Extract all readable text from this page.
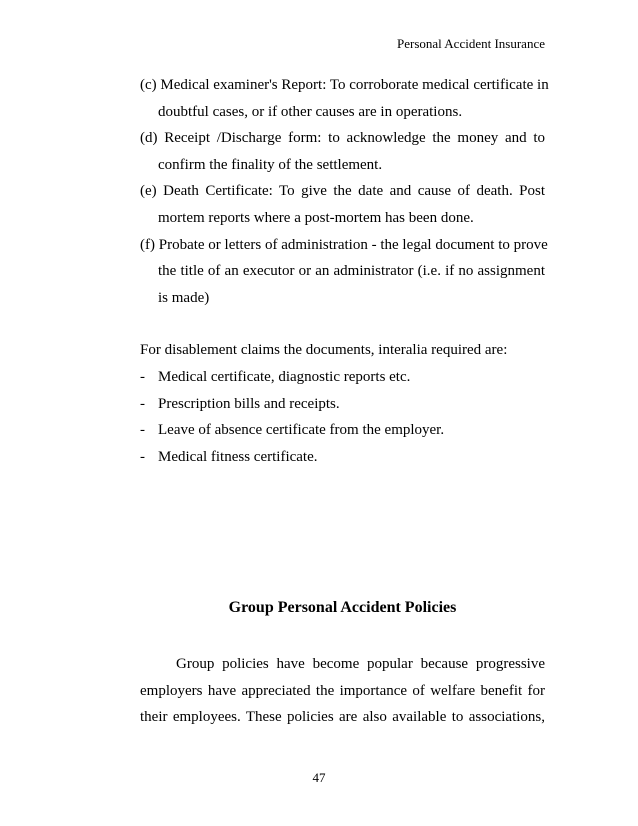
Personal Accident Insurance
(c) Medical examiner's Report: To corroborate medical certificate in
doubtful cases, or if other causes are in operations.
(d) Receipt /Discharge form: to acknowledge the money and to
confirm the finality of the settlement.
(e) Death Certificate: To give the date and cause of death. Post
mortem reports where a post-mortem has been done.
(f) Probate or letters of administration - the legal document to prove
the title of an executor or an administrator (i.e. if no assignment
is made)
For disablement claims the documents, interalia required are:
- Medical certificate, diagnostic reports etc.
- Prescription bills and receipts.
- Leave of absence certificate from the employer.
- Medical fitness certificate.
Group Personal Accident Policies
Group policies have become popular because progressive
employers have appreciated the importance of welfare benefit for
their employees. These policies are also available to associations,
47
